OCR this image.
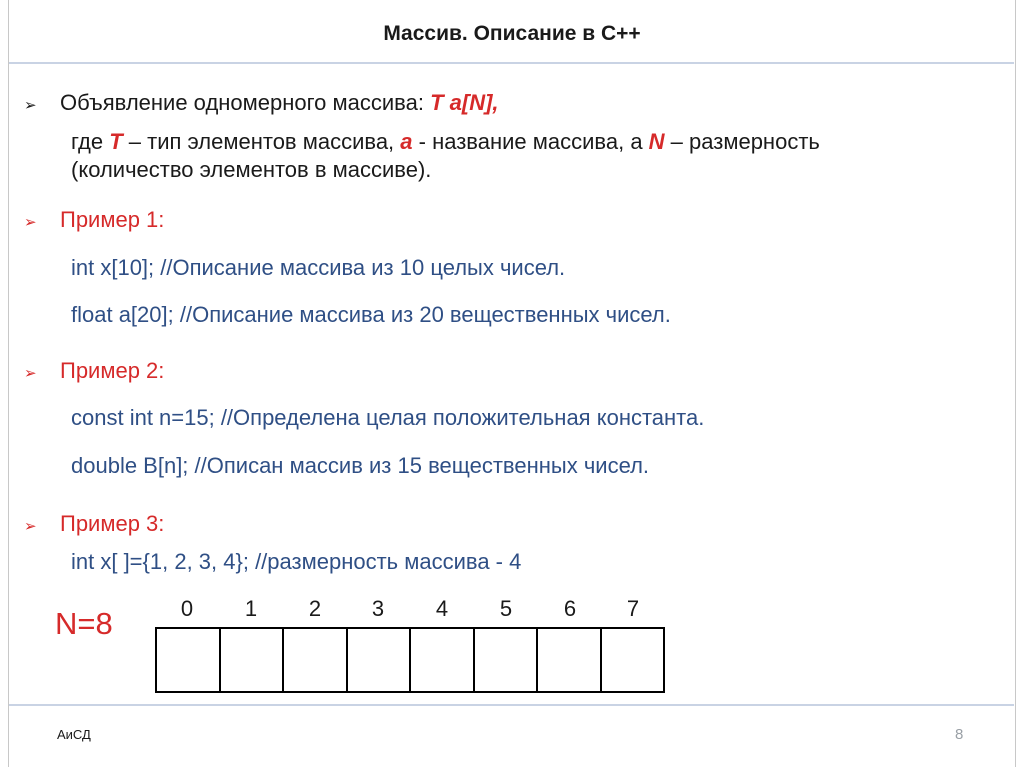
Массив. Описание в С++
➢ Объявление одномерного массива: T a[N],
где T – тип элементов массива, а - название массива, а N – размерность
(количество элементов в массиве).
➢ Пример 1:
int x[10]; //Описание массива из 10 целых чисел.
float a[20]; //Описание массива из 20 вещественных чисел.
➢ Пример 2:
const int n=15; //Определена целая положительная константа.
double B[n]; //Описан массив из 15 вещественных чисел.
➢ Пример 3:
int x[ ]={1, 2, 3, 4}; //размерность массива - 4
N=8	0	1	2	3	4	5	6	7
АиСД	8
